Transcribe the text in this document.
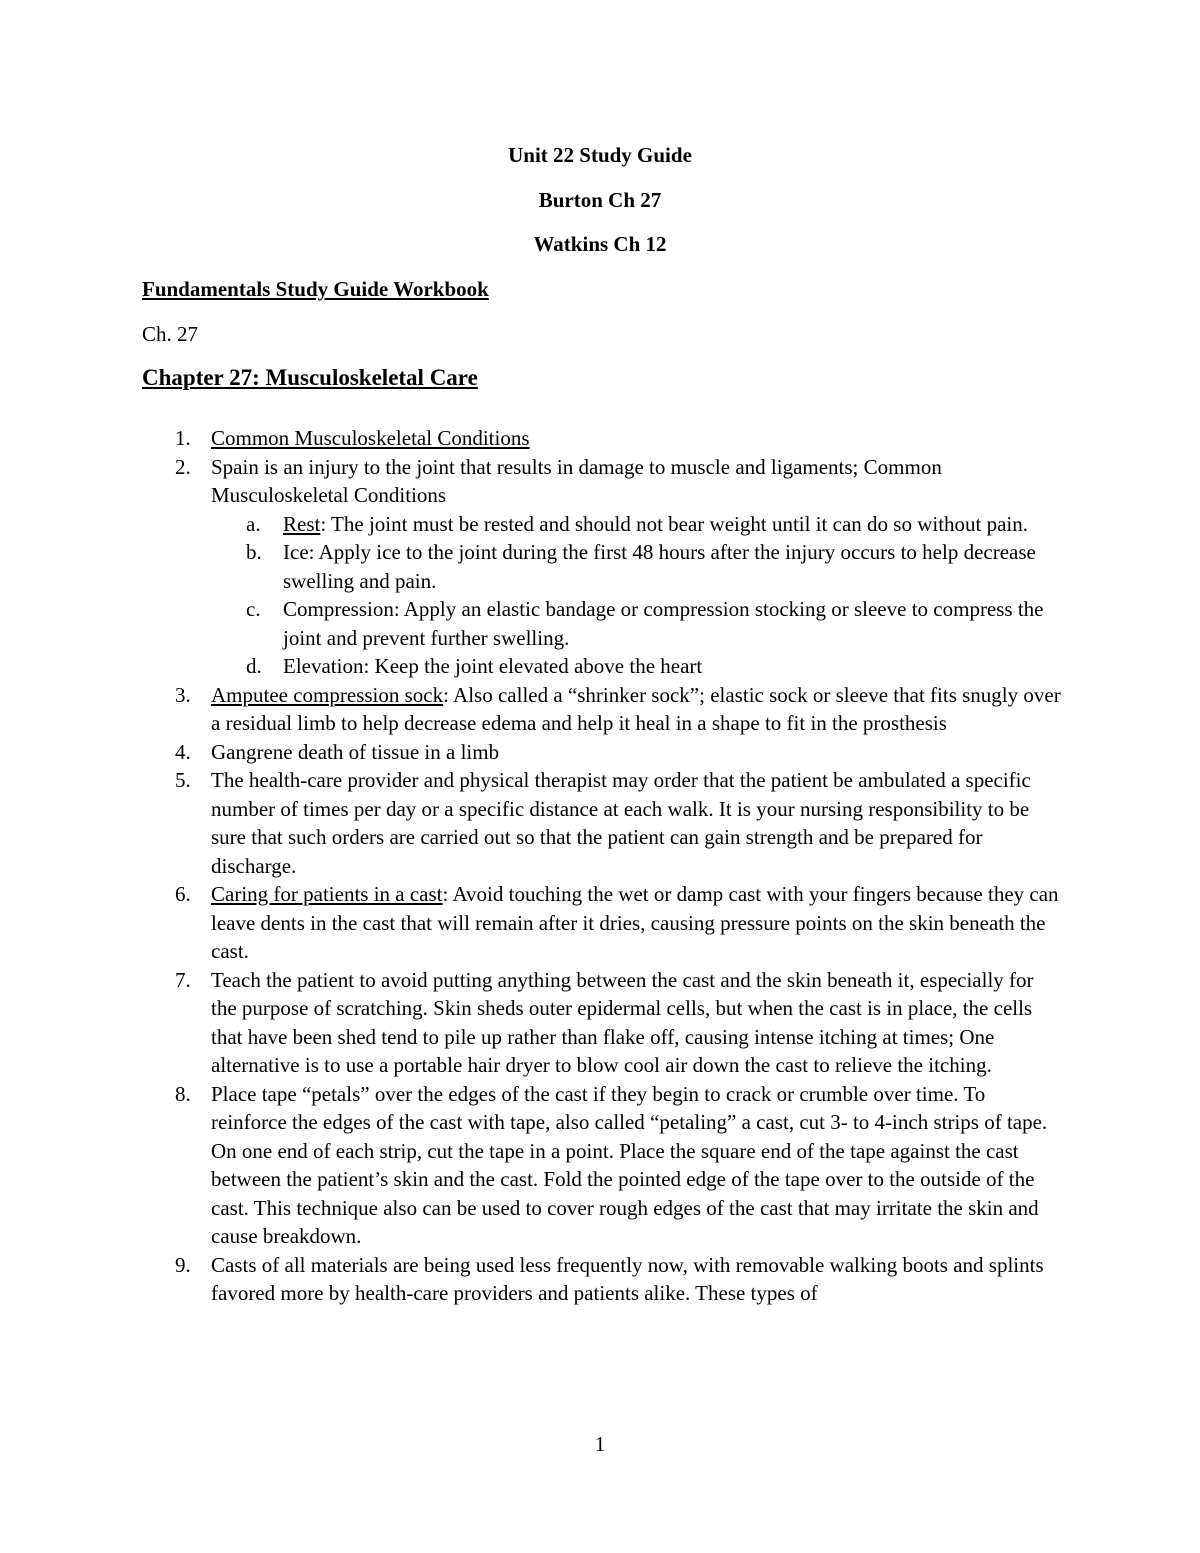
Unit 22 Study Guide
Burton Ch 27
Watkins Ch 12
Fundamentals Study Guide Workbook
Ch. 27
Chapter 27: Musculoskeletal Care
1. Common Musculoskeletal Conditions
2. Spain is an injury to the joint that results in damage to muscle and ligaments; Common Musculoskeletal Conditions
a. Rest: The joint must be rested and should not bear weight until it can do so without pain.
b. Ice: Apply ice to the joint during the first 48 hours after the injury occurs to help decrease swelling and pain.
c. Compression: Apply an elastic bandage or compression stocking or sleeve to compress the joint and prevent further swelling.
d. Elevation: Keep the joint elevated above the heart
3. Amputee compression sock: Also called a “shrinker sock”; elastic sock or sleeve that fits snugly over a residual limb to help decrease edema and help it heal in a shape to fit in the prosthesis
4. Gangrene death of tissue in a limb
5. The health-care provider and physical therapist may order that the patient be ambulated a specific number of times per day or a specific distance at each walk. It is your nursing responsibility to be sure that such orders are carried out so that the patient can gain strength and be prepared for discharge.
6. Caring for patients in a cast: Avoid touching the wet or damp cast with your fingers because they can leave dents in the cast that will remain after it dries, causing pressure points on the skin beneath the cast.
7. Teach the patient to avoid putting anything between the cast and the skin beneath it, especially for the purpose of scratching. Skin sheds outer epidermal cells, but when the cast is in place, the cells that have been shed tend to pile up rather than flake off, causing intense itching at times; One alternative is to use a portable hair dryer to blow cool air down the cast to relieve the itching.
8. Place tape “petals” over the edges of the cast if they begin to crack or crumble over time. To reinforce the edges of the cast with tape, also called “petaling” a cast, cut 3- to 4-inch strips of tape. On one end of each strip, cut the tape in a point. Place the square end of the tape against the cast between the patient’s skin and the cast. Fold the pointed edge of the tape over to the outside of the cast. This technique also can be used to cover rough edges of the cast that may irritate the skin and cause breakdown.
9. Casts of all materials are being used less frequently now, with removable walking boots and splints favored more by health-care providers and patients alike. These types of
1
